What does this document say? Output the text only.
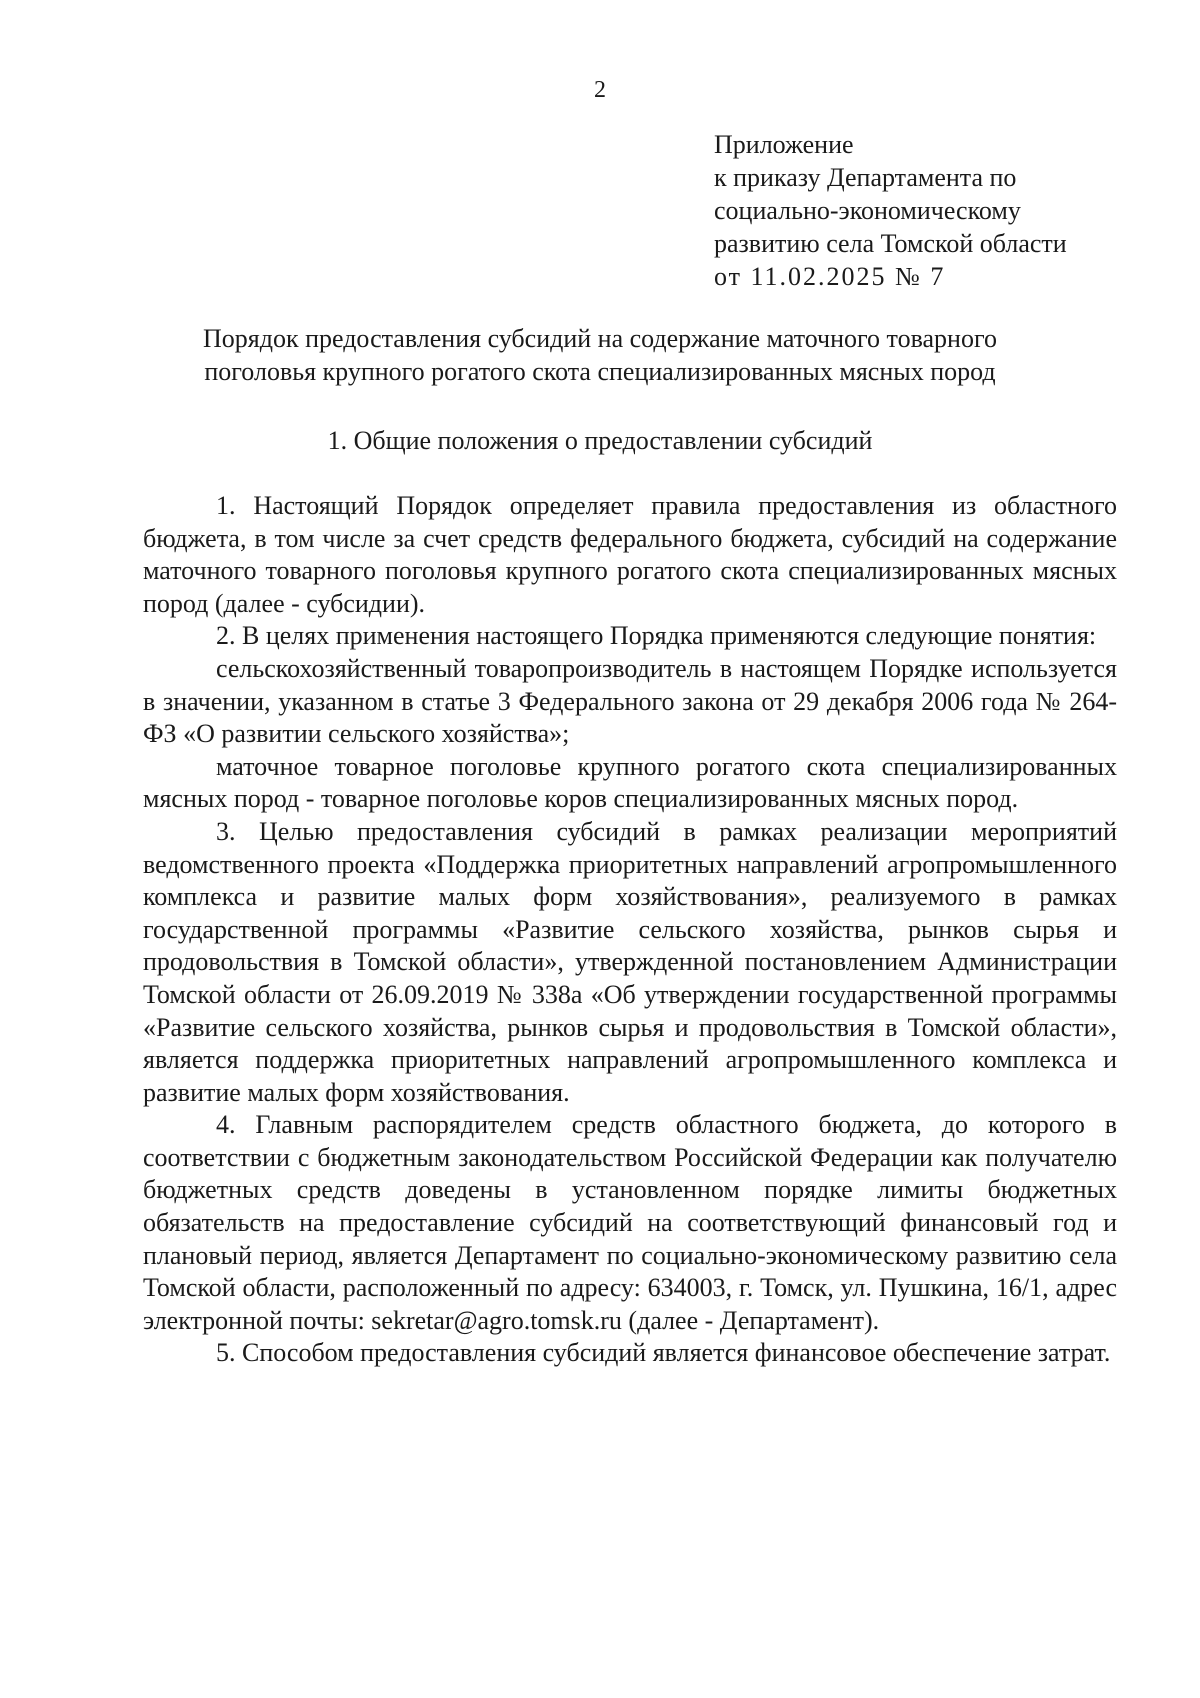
2
Приложение
к приказу Департамента по
социально-экономическому
развитию села Томской области
от 11.02.2025 № 7
Порядок предоставления субсидий на содержание маточного товарного поголовья крупного рогатого скота специализированных мясных пород
1. Общие положения о предоставлении субсидий

1. Настоящий Порядок определяет правила предоставления из областного бюджета, в том числе за счет средств федерального бюджета, субсидий на содержание маточного товарного поголовья крупного рогатого скота специализированных мясных пород (далее - субсидии).

2. В целях применения настоящего Порядка применяются следующие понятия:

сельскохозяйственный товаропроизводитель в настоящем Порядке используется в значении, указанном в статье 3 Федерального закона от 29 декабря 2006 года № 264-ФЗ «О развитии сельского хозяйства»;

маточное товарное поголовье крупного рогатого скота специализированных мясных пород - товарное поголовье коров специализированных мясных пород.

3. Целью предоставления субсидий в рамках реализации мероприятий ведомственного проекта «Поддержка приоритетных направлений агропромышленного комплекса и развитие малых форм хозяйствования», реализуемого в рамках государственной программы «Развитие сельского хозяйства, рынков сырья и продовольствия в Томской области», утвержденной постановлением Администрации Томской области от 26.09.2019 № 338а «Об утверждении государственной программы «Развитие сельского хозяйства, рынков сырья и продовольствия в Томской области», является поддержка приоритетных направлений агропромышленного комплекса и развитие малых форм хозяйствования.

4. Главным распорядителем средств областного бюджета, до которого в соответствии с бюджетным законодательством Российской Федерации как получателю бюджетных средств доведены в установленном порядке лимиты бюджетных обязательств на предоставление субсидий на соответствующий финансовый год и плановый период, является Департамент по социально-экономическому развитию села Томской области, расположенный по адресу: 634003, г. Томск, ул. Пушкина, 16/1, адрес электронной почты: sekretar@agro.tomsk.ru (далее - Департамент).

5. Способом предоставления субсидий является финансовое обеспечение затрат.
